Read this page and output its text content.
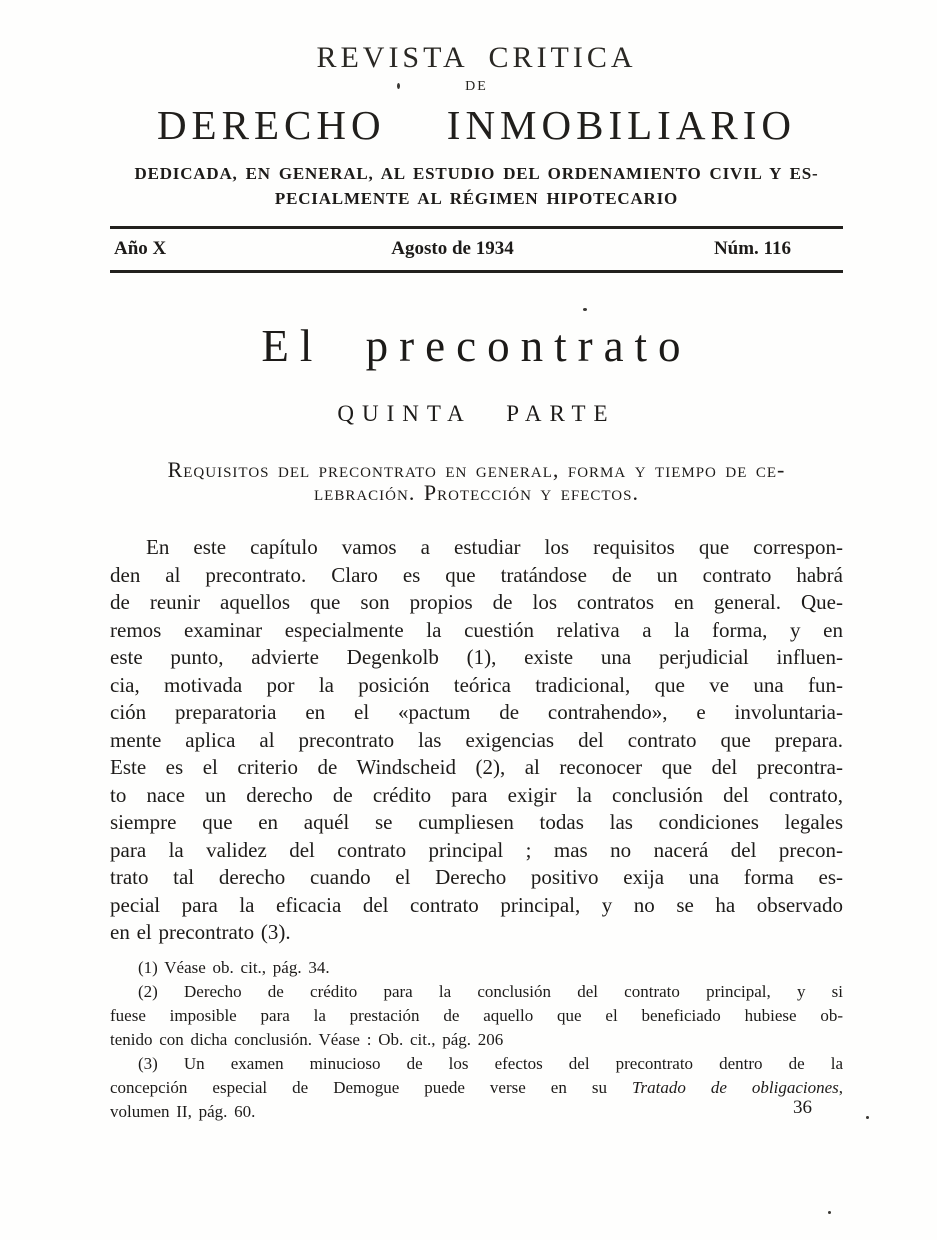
REVISTA CRITICA
DE
DERECHO INMOBILIARIO
DEDICADA, EN GENERAL, AL ESTUDIO DEL ORDENAMIENTO CIVIL Y ES-
PECIALMENTE AL RÉGIMEN HIPOTECARIO
Año X	Agosto de 1934	Núm. 116
El precontrato
QUINTA PARTE
Requisitos del precontrato en general, forma y tiempo de ce-
lebración. Protección y efectos.
En este capítulo vamos a estudiar los requisitos que correspon-
den al precontrato. Claro es que tratándose de un contrato habrá
de reunir aquellos que son propios de los contratos en general. Que-
remos examinar especialmente la cuestión relativa a la forma, y en
este punto, advierte Degenkolb (1), existe una perjudicial influen-
cia, motivada por la posición teórica tradicional, que ve una fun-
ción preparatoria en el «pactum de contrahendo», e involuntaria-
mente aplica al precontrato las exigencias del contrato que prepara.
Este es el criterio de Windscheid (2), al reconocer que del precontra-
to nace un derecho de crédito para exigir la conclusión del contrato,
siempre que en aquél se cumpliesen todas las condiciones legales
para la validez del contrato principal ; mas no nacerá del precon-
trato tal derecho cuando el Derecho positivo exija una forma es-
pecial para la eficacia del contrato principal, y no se ha observado
en el precontrato (3).
(1) Véase ob. cit., pág. 34.
(2) Derecho de crédito para la conclusión del contrato principal, y si
fuese imposible para la prestación de aquello que el beneficiado hubiese ob-
tenido con dicha conclusión. Véase : Ob. cit., pág. 206
(3) Un examen minucioso de los efectos del precontrato dentro de la
concepción especial de Demogue puede verse en su Tratado de obligaciones,
volumen II, pág. 60.	36
